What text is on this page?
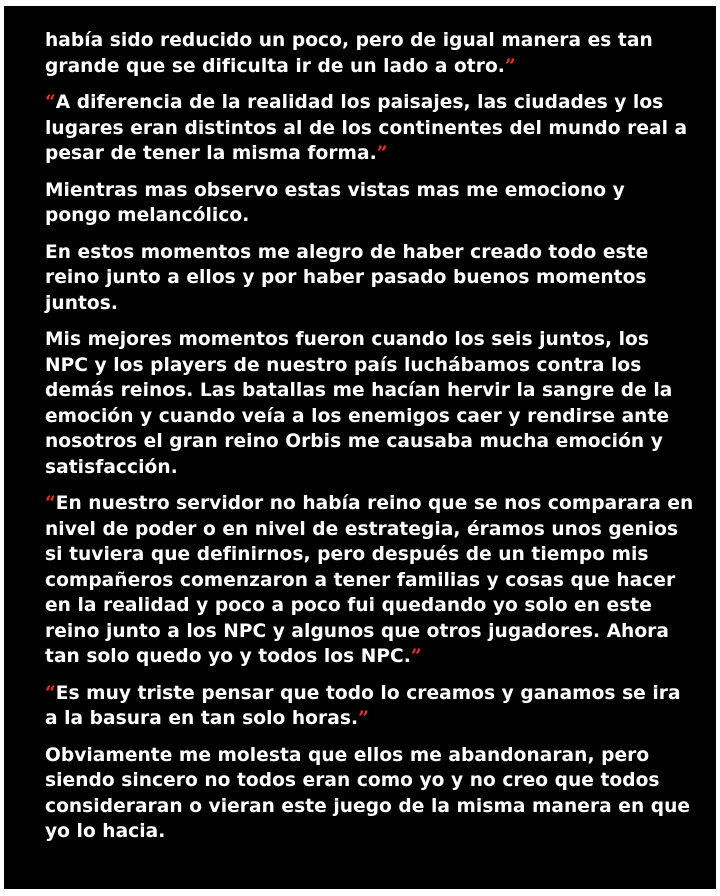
había sido reducido un poco, pero de igual manera es tan grande que se dificulta ir de un lado a otro.”

“A diferencia de la realidad los paisajes, las ciudades y los lugares eran distintos al de los continentes del mundo real a pesar de tener la misma forma.”

Mientras mas observo estas vistas mas me emociono y pongo melancólico.

En estos momentos me alegro de haber creado todo este reino junto a ellos y por haber pasado buenos momentos juntos.

Mis mejores momentos fueron cuando los seis juntos, los NPC y los players de nuestro país luchábamos contra los demás reinos. Las batallas me hacían hervir la sangre de la emoción y cuando veía a los enemigos caer y rendirse ante nosotros el gran reino Orbis me causaba mucha emoción y satisfacción.

“En nuestro servidor no había reino que se nos comparara en nivel de poder o en nivel de estrategia, éramos unos genios si tuviera que definirnos, pero después de un tiempo mis compañeros comenzaron a tener familias y cosas que hacer en la realidad y poco a poco fui quedando yo solo en este reino junto a los NPC y algunos que otros jugadores. Ahora tan solo quedo yo y todos los NPC.”

“Es muy triste pensar que todo lo creamos y ganamos se ira a la basura en tan solo horas.”

Obviamente me molesta que ellos me abandonaran, pero siendo sincero no todos eran como yo y no creo que todos consideraran o vieran este juego de la misma manera en que yo lo hacia.
